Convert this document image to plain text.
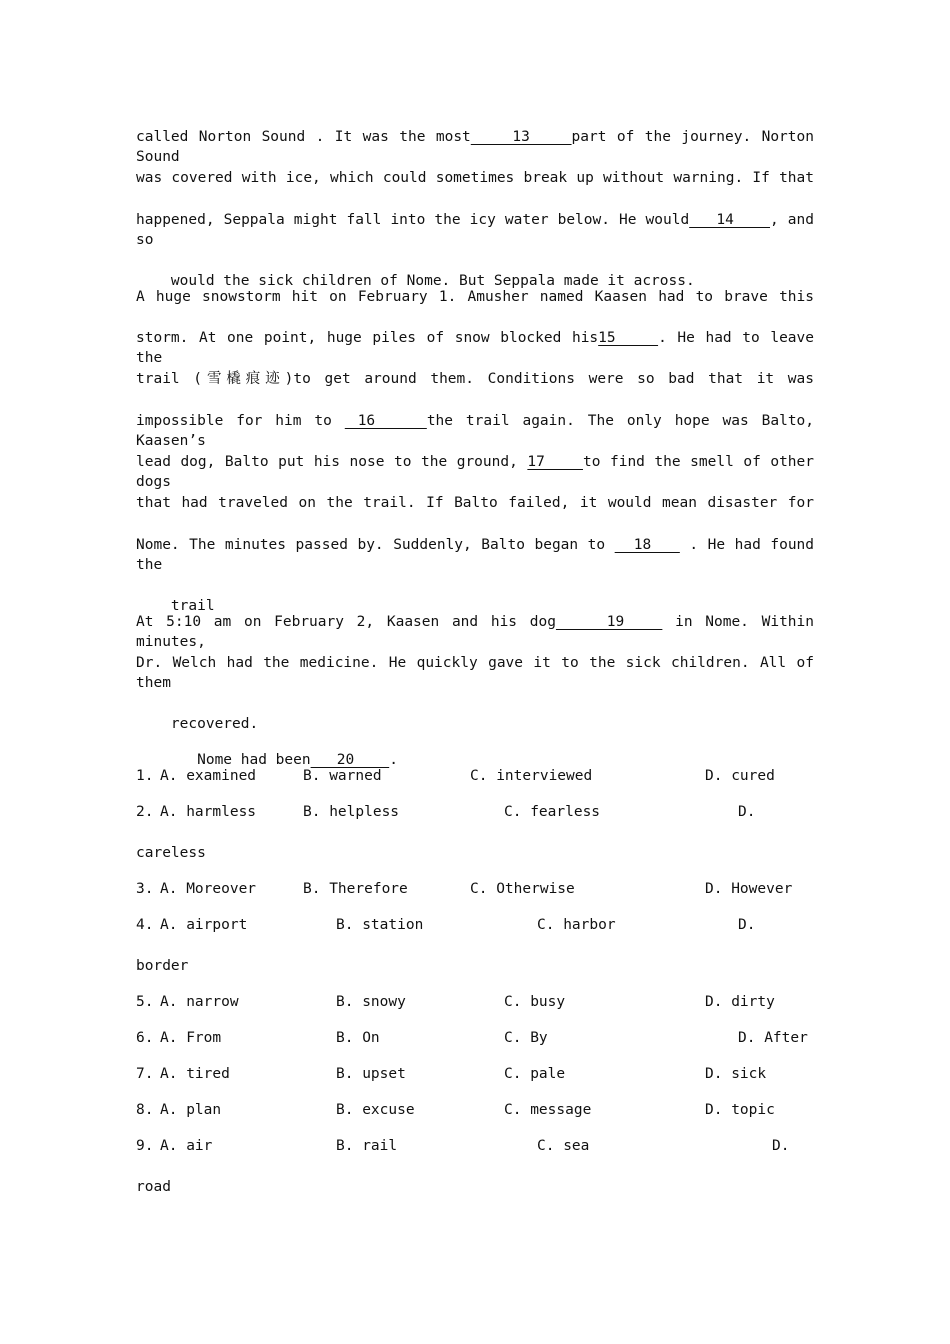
called Norton Sound . It was the most    13    part of the journey. Norton Sound
was covered with ice, which could sometimes break up without warning. If that
happened, Seppala might fall into the icy water below. He would   14    , and so

would the sick children of Nome. But Seppala made it across.

A huge snowstorm hit on February 1. Amusher named Kaasen had to brave this
storm. At one point, huge piles of snow blocked his15    . He had to leave the
trail (雪橇痕迹)to get around them. Conditions were so bad that it was
impossible for him to  16    the trail again. The only hope was Balto, Kaasen’s
lead dog, Balto put his nose to the ground, 17    to find the smell of other dogs
that had traveled on the trail. If Balto failed, it would mean disaster for
Nome. The minutes passed by. Suddenly, Balto began to   18    . He had found the

trail

At 5:10 am on February 2, Kaasen and his dog    19    in Nome. Within minutes,
Dr. Welch had the medicine. He quickly gave it to the sick children. All of them

recovered.

Nome had been   20    .

1. A. examined	B. warned	C. interviewed	D. cured
2. A. harmless	B. helpless	C. fearless	D.
careless
3. A. Moreover	B. Therefore	C. Otherwise	D. However
4. A. airport	B. station	C. harbor	D.
border
5. A. narrow	B. snowy	C. busy	D. dirty
6. A. From	B. On	C. By	D. After
7. A. tired	B. upset	C. pale	D. sick
8. A. plan	B. excuse	C. message	D. topic
9. A. air	B. rail	C. sea	D.
road
